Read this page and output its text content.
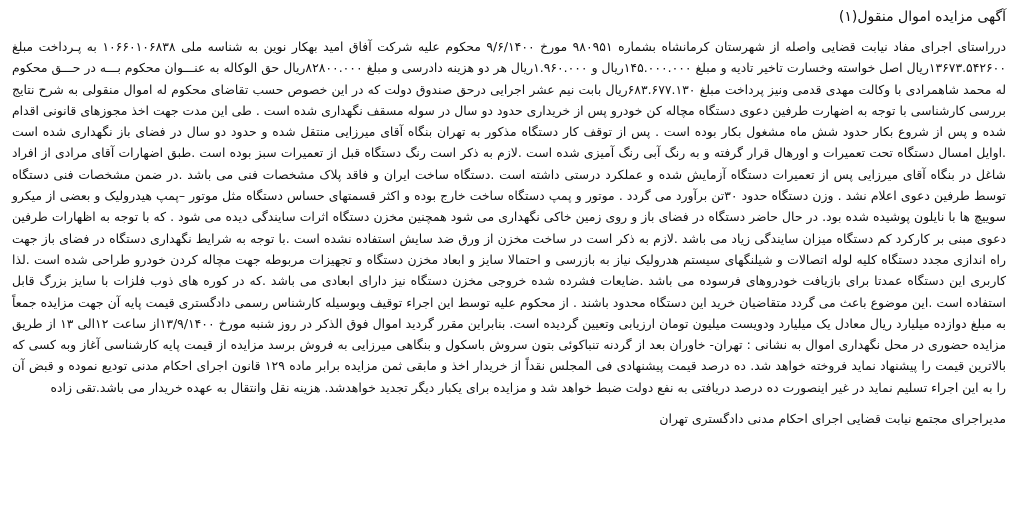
آگهی مزایده اموال منقول(۱)

درراستای اجرای مفاد نیابت قضایی واصله از شهرستان کرمانشاه بشماره ۹۸۰۹۵۱ مورخ ۹/۶/۱۴۰۰ محکوم علیه شرکت آفاق امید بهکار نوین به شناسه ملی ۱۰۶۶۰۱۰۶۸۳۸ به پـرداخت مبلغ ۱۳۶۷۳.۵۴۲۶۰۰ریال اصل خواسته وخسارت تاخیر تادیه و مبلغ ۱۴۵.۰۰۰.۰۰۰ریال و ۱.۹۶۰.۰۰۰ریال هر دو هزینه دادرسی و مبلغ ۸۲۸۰۰.۰۰۰ریال حق الوکاله به عنـــوان محکوم بـــه در حـــق محکوم له محمد شاهمرادی با وکالت مهدی قدمی ونیز پرداخت مبلغ ۶۸۳.۶۷۷.۱۳۰ریال بابت نیم عشر اجرایی درحق صندوق دولت که در این خصوص حسب تقاضای محکوم له اموال منقولی به شرح نتایج بررسی کارشناسی با توجه به اضهارت طرفین دعوی دستگاه مچاله کن خودرو پس از خریداری حدود دو سال در سوله مسقف نگهداری شده است . طی این مدت جهت اخذ مجوزهای قانونی اقدام شده و پس از شروع بکار حدود شش ماه مشغول بکار بوده است . پس از توقف کار دستگاه مذکور به تهران بنگاه آقای میرزایی منتقل شده و حدود دو سال در فضای باز نگهداری شده است .اوایل امسال دستگاه تحت تعمیرات و اورهال قرار گرفته و به رنگ آبی رنگ آمیزی شده است .لازم به ذکر است رنگ دستگاه قبل از تعمیرات سبز بوده است .طبق اضهارات آقای مرادی از افراد شاغل در بنگاه آقای میرزایی پس از تعمیرات دستگاه آزمایش شده و عملکرد درستی داشته است .دستگاه ساخت ایران و فاقد پلاک مشخصات فنی می باشد .در ضمن مشخصات فنی دستگاه توسط طرفین دعوی اعلام نشد . وزن دستگاه حدود ۳۰تن برآورد می گردد . موتور و پمپ دستگاه ساخت خارج بوده و اکثر قسمتهای حساس دستگاه مثل موتور –پمپ هیدرولیک و بعضی از میکرو سوییچ ها با نایلون پوشیده شده بود. در حال حاضر دستگاه در فضای باز و روی زمین خاکی نگهداری می شود همچنین مخزن دستگاه اثرات سایندگی دیده می شود . که با توجه به اظهارات طرفین دعوی مبنی بر کارکرد کم دستگاه میزان سایندگی زیاد می باشد .لازم به ذکر است در ساخت مخزن از ورق ضد سایش استفاده نشده است .با توجه به شرایط نگهداری دستگاه در فضای باز جهت راه اندازی مجدد دستگاه کلیه لوله اتصالات و شیلنگهای سیستم هدرولیک نیاز به بازرسی و احتمالا سایز و ابعاد مخزن دستگاه و تجهیزات مربوطه جهت مچاله کردن خودرو طراحی شده است .لذا کاربری این دستگاه عمدتا برای بازیافت خودروهای فرسوده می باشد .ضایعات فشرده شده خروجی مخزن دستگاه نیز دارای ابعادی می باشد .که در کوره های ذوب فلزات با سایز بزرگ قابل استفاده است .این موضوع باعث می گردد متقاضیان خرید این دستگاه محدود باشند . از محکوم علیه توسط این اجراء توقیف وبوسیله کارشناس رسمی دادگستری قیمت پایه آن جهت مزایده جمعاً به مبلغ دوازده میلیارد ریال معادل یک میلیارد ودویست میلیون تومان ارزیابی وتعیین گردیده است. بنابراین مقرر گردید اموال فوق الذکر در روز شنبه مورخ ۱۳/۹/۱۴۰۰از ساعت ۱۲الی ۱۳ از طریق مزایده حضوری در محل نگهداری اموال به نشانی : تهران- خاوران بعد از گردنه تنباکوئی بتون سروش باسکول و بنگاهی میرزایی به فروش برسد مزایده از قیمت پایه کارشناسی آغاز وبه کسی که بالاترین قیمت را پیشنهاد نماید فروخته خواهد شد. ده درصد قیمت پیشنهادی فی المجلس نقداً از خریدار اخذ و مابقی ثمن مزایده برابر ماده ۱۲۹ قانون اجرای احکام مدنی تودیع نموده و قبض آن را به این اجراء تسلیم نماید در غیر اینصورت ده درصد دریافتی به نفع دولت ضبط خواهد شد و مزایده برای یکبار دیگر تجدید خواهدشد. هزینه نقل وانتقال به عهده خریدار می باشد.تقی زاده

مدیراجرای مجتمع نیابت قضایی اجرای احکام مدنی دادگستری تهران
